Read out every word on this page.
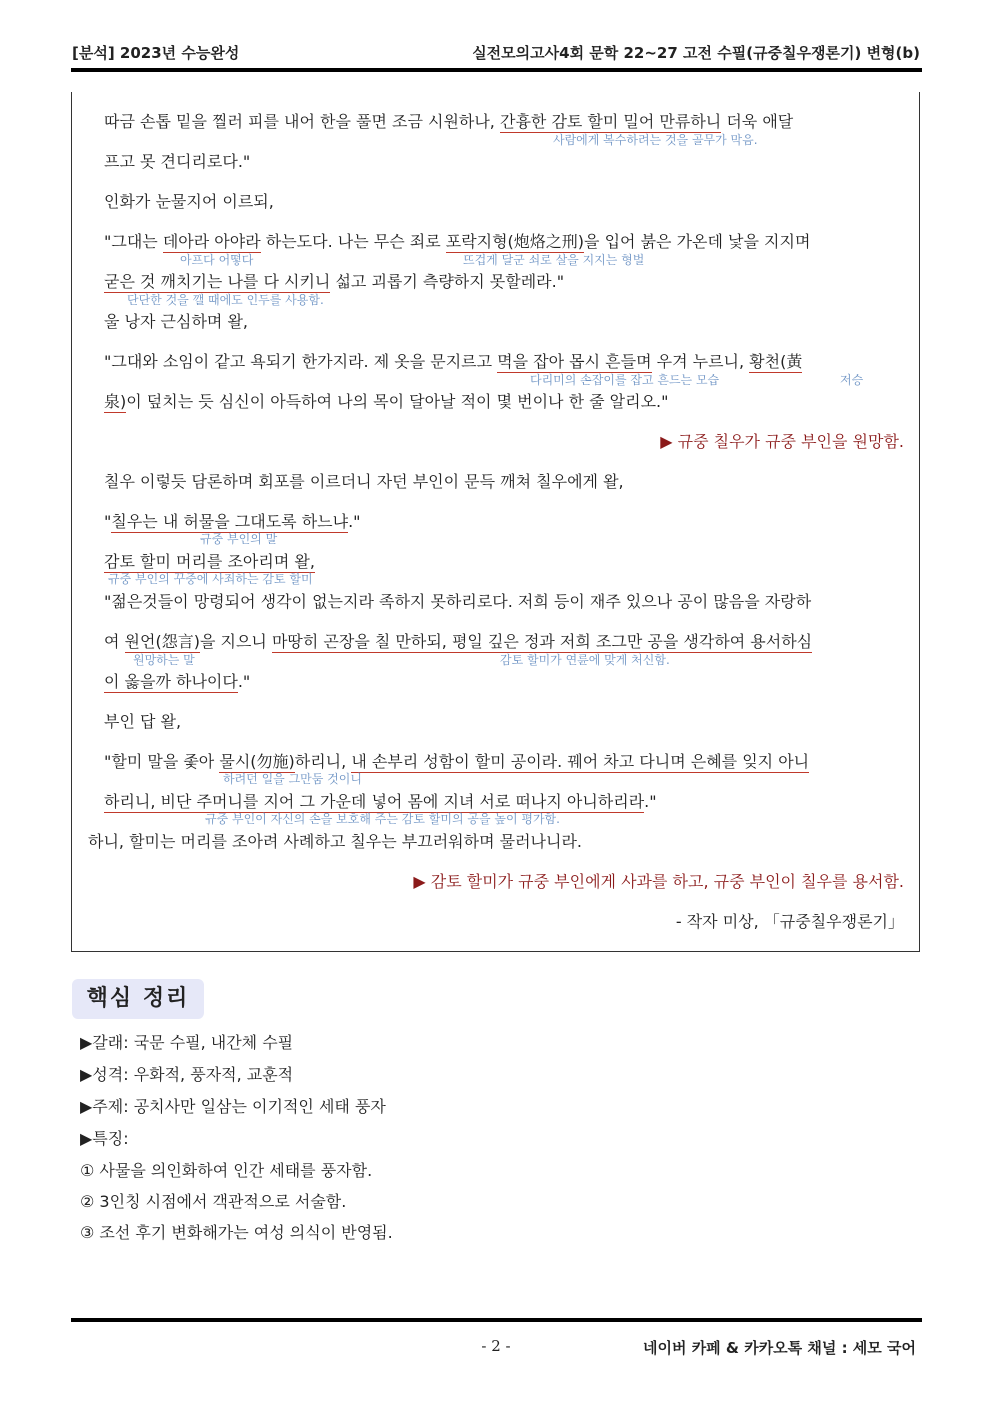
[분석] 2023년 수능완성	실전모의고사4회 문학 22~27 고전 수필(규중칠우쟁론기) 변형(b)
따금 손톱 밑을 찔러 피를 내어 한을 풀면 조금 시원하나, 간흉한 감토 할미 밀어 만류하니 더욱 애달
사람에게 복수하려는 것을 골무가 막음.
프고 못 견디리로다."
인화가 눈물지어 이르되,
"그대는 데아라 아야라 하는도다. 나는 무슨 죄로 포락지형(炮烙之刑)을 입어 붉은 가온데 낯을 지지며
아프다 어떻다	뜨겁게 달군 쇠로 살을 지지는 형벌
굳은 것 깨치기는 나를 다 시키니 섧고 괴롭기 측량하지 못할레라."
단단한 것을 깰 때에도 인두를 사용함.
울 낭자 근심하며 왈,
"그대와 소임이 같고 욕되기 한가지라. 제 옷을 문지르고 멱을 잡아 몹시 흔들며 우겨 누르니, 황천(黃
다리미의 손잡이를 잡고 흔드는 모습	저승
泉)이 덮치는 듯 심신이 아득하여 나의 목이 달아날 적이 몇 번이나 한 줄 알리오."
▶ 규중 칠우가 규중 부인을 원망함.
칠우 이렇듯 담론하며 회포를 이르더니 자던 부인이 문득 깨쳐 칠우에게 왈,
"칠우는 내 허물을 그대도록 하느냐."
규중 부인의 말
감토 할미 머리를 조아리며 왈,
규중 부인의 꾸중에 사죄하는 감토 할미
"젊은것들이 망령되어 생각이 없는지라 족하지 못하리로다. 저희 등이 재주 있으나 공이 많음을 자랑하
여 원언(怨言)을 지으니 마땅히 곤장을 칠 만하되, 평일 깊은 정과 저희 조그만 공을 생각하여 용서하심
원망하는 말	감토 할미가 연륜에 맞게 처신함.
이 옳을까 하나이다."
부인 답 왈,
"할미 말을 좇아 물시(勿施)하리니, 내 손부리 성함이 할미 공이라. 꿰어 차고 다니며 은혜를 잊지 아니
하려던 일을 그만둠 것이니
하리니, 비단 주머니를 지어 그 가운데 넣어 몸에 지녀 서로 떠나지 아니하리라."
규중 부인이 자신의 손을 보호해 주는 감토 할미의 공을 높이 평가함.
하니, 할미는 머리를 조아려 사례하고 칠우는 부끄러워하며 물러나니라.
▶ 감토 할미가 규중 부인에게 사과를 하고, 규중 부인이 칠우를 용서함.
- 작자 미상, 「규중칠우쟁론기」
핵심 정리
▶갈래: 국문 수필, 내간체 수필
▶성격: 우화적, 풍자적, 교훈적
▶주제: 공치사만 일삼는 이기적인 세태 풍자
▶특징:
① 사물을 의인화하여 인간 세태를 풍자함.
② 3인칭 시점에서 객관적으로 서술함.
③ 조선 후기 변화해가는 여성 의식이 반영됨.
- 2 -	네이버 카페 & 카카오톡 채널 : 세모 국어
